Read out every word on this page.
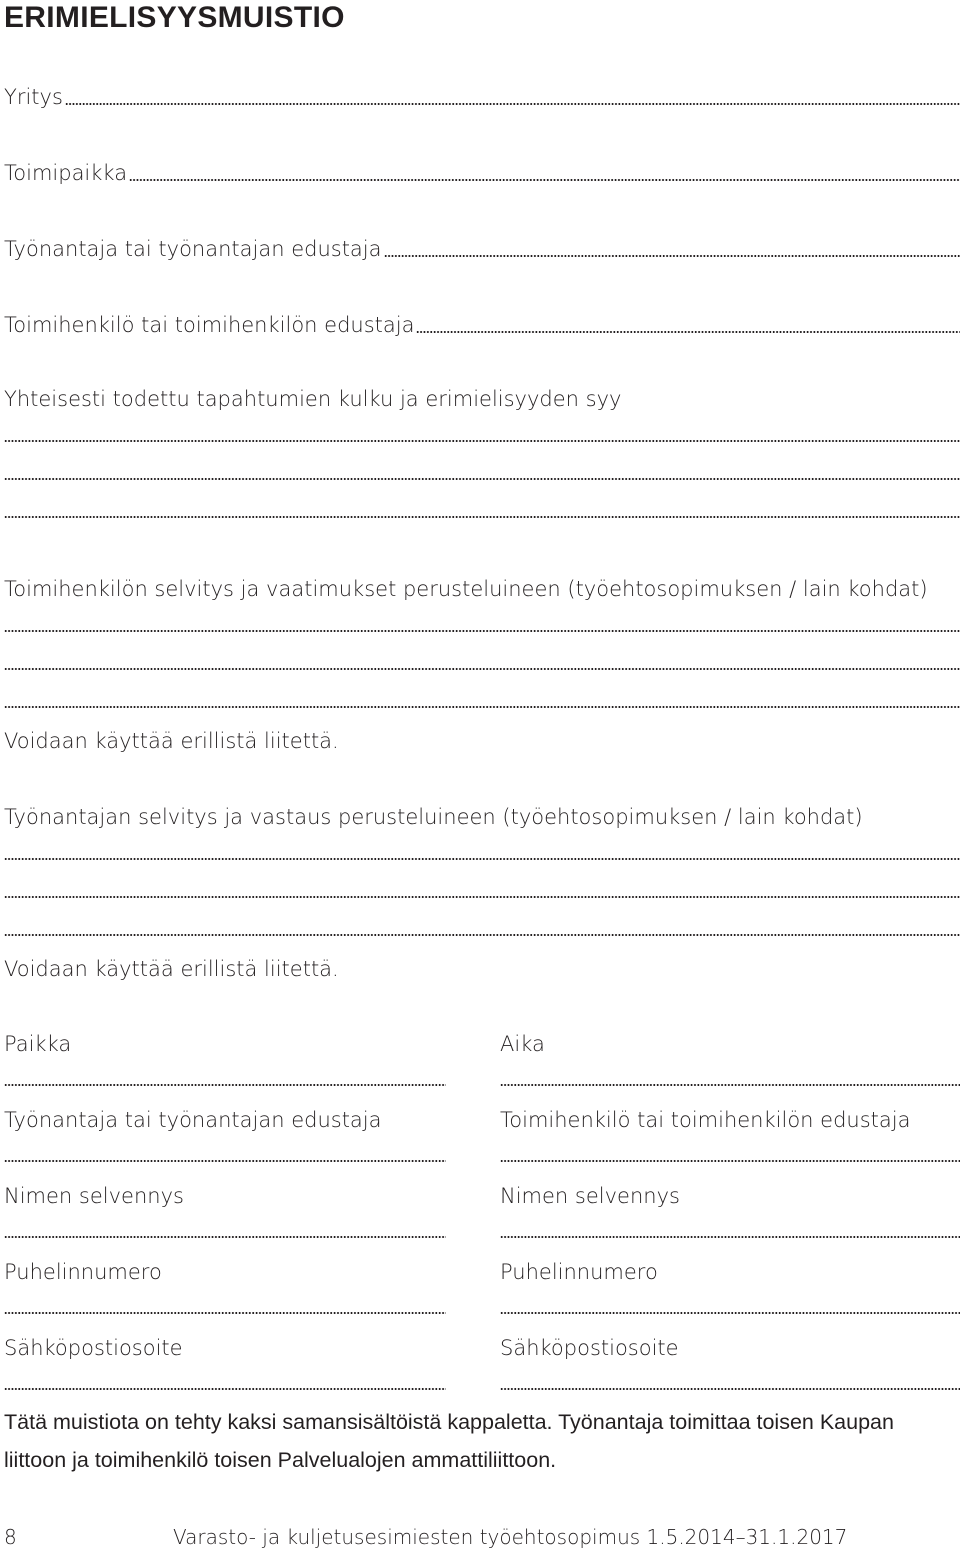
ERIMIELISYYSMUISTIO
Yritys
Toimipaikka
Työnantaja tai työnantajan edustaja
Toimihenkilö tai toimihenkilön edustaja
Yhteisesti todettu tapahtumien kulku ja erimielisyyden syy
Toimihenkilön selvitys ja vaatimukset perusteluineen (työehtosopimuksen / lain kohdat)
Voidaan käyttää erillistä liitettä.
Työnantajan selvitys ja vastaus perusteluineen (työehtosopimuksen / lain kohdat)
Voidaan käyttää erillistä liitettä.
Paikka
Työnantaja tai työnantajan edustaja
Nimen selvennys
Puhelinnumero
Sähköpostiosoite
Aika
Toimihenkilö tai toimihenkilön edustaja
Nimen selvennys
Puhelinnumero
Sähköpostiosoite
Tätä muistiota on tehty kaksi samansisältöistä kappaletta. Työnantaja toimittaa toisen Kaupan liittoon ja toimihenkilö toisen Palvelualojen ammattiliittoon.
8	Varasto- ja kuljetusesimiesten työehtosopimus 1.5.2014–31.1.2017
